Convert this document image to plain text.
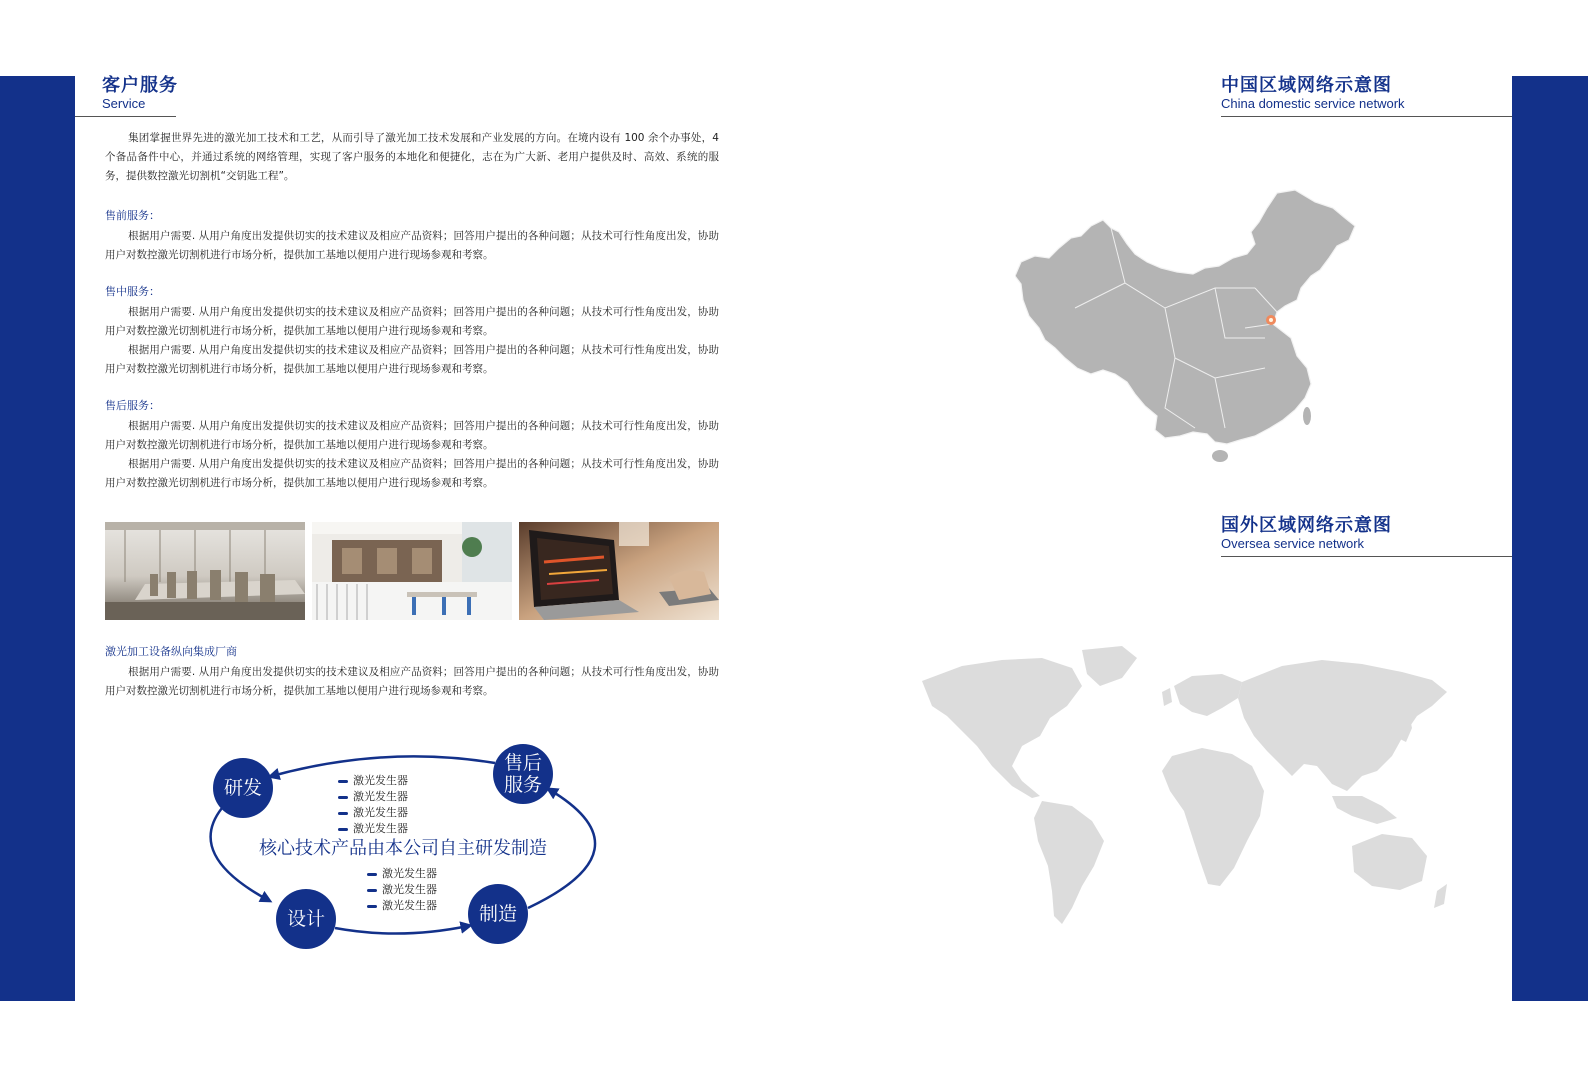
客户服务
Service

集团掌握世界先进的激光加工技术和工艺，从而引导了激光加工技术发展和产业发展的方向。在境内设有 100 余个办事处，4 个备品备件中心，并通过系统的网络管理，实现了客户服务的本地化和便捷化，志在为广大新、老用户提供及时、高效、系统的服务，提供数控激光切割机“交钥匙工程”。

售前服务：

根据用户需要. 从用户角度出发提供切实的技术建议及相应产品资料；回答用户提出的各种问题；从技术可行性角度出发，协助用户对数控激光切割机进行市场分析，提供加工基地以便用户进行现场参观和考察。

售中服务：

根据用户需要. 从用户角度出发提供切实的技术建议及相应产品资料；回答用户提出的各种问题；从技术可行性角度出发，协助用户对数控激光切割机进行市场分析，提供加工基地以便用户进行现场参观和考察。

根据用户需要. 从用户角度出发提供切实的技术建议及相应产品资料；回答用户提出的各种问题；从技术可行性角度出发，协助用户对数控激光切割机进行市场分析，提供加工基地以便用户进行现场参观和考察。

售后服务：

根据用户需要. 从用户角度出发提供切实的技术建议及相应产品资料；回答用户提出的各种问题；从技术可行性角度出发，协助用户对数控激光切割机进行市场分析，提供加工基地以便用户进行现场参观和考察。

根据用户需要. 从用户角度出发提供切实的技术建议及相应产品资料；回答用户提出的各种问题；从技术可行性角度出发，协助用户对数控激光切割机进行市场分析，提供加工基地以便用户进行现场参观和考察。

激光加工设备纵向集成厂商

根据用户需要. 从用户角度出发提供切实的技术建议及相应产品资料；回答用户提出的各种问题；从技术可行性角度出发，协助用户对数控激光切割机进行市场分析，提供加工基地以便用户进行现场参观和考察。

研发
售后
服务
设计	制造
激光发生器
激光发生器
激光发生器
激光发生器
核心技术产品由本公司自主研发制造
激光发生器
激光发生器
激光发生器
中国区域网络示意图
China domestic service network
国外区域网络示意图
Oversea service network
